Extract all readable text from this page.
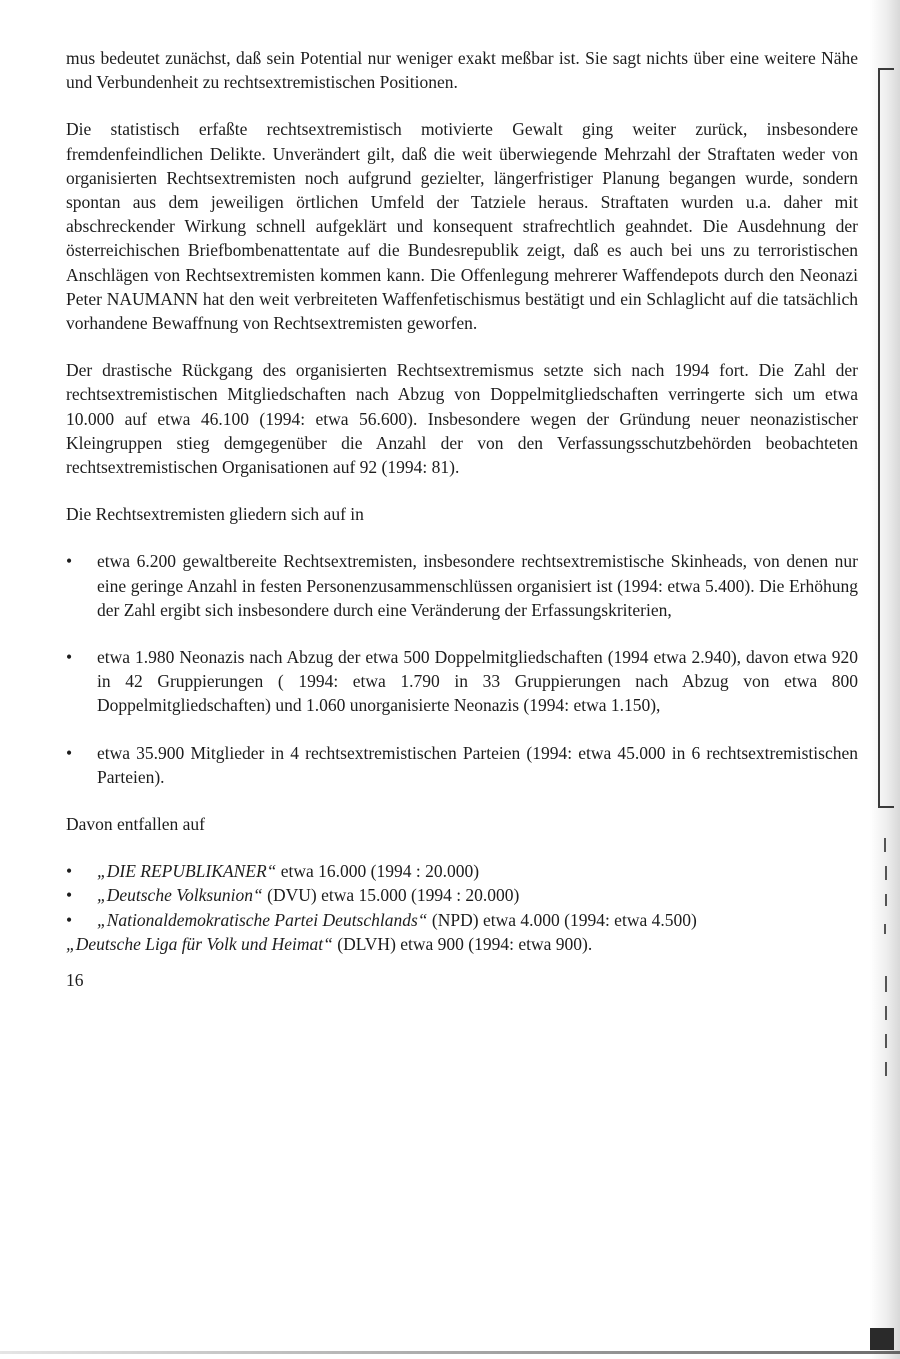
mus bedeutet zunächst, daß sein Potential nur weniger exakt meßbar ist. Sie sagt nichts über eine weitere Nähe und Verbundenheit zu rechtsextremistischen Positionen.

Die statistisch erfaßte rechtsextremistisch motivierte Gewalt ging weiter zurück, insbesondere fremdenfeindlichen Delikte. Unverändert gilt, daß die weit überwiegende Mehrzahl der Straftaten weder von organisierten Rechtsextremisten noch aufgrund gezielter, längerfristiger Planung begangen wurde, sondern spontan aus dem jeweiligen örtlichen Umfeld der Tatziele heraus. Straftaten wurden u.a. daher mit abschreckender Wirkung schnell aufgeklärt und konsequent strafrechtlich geahndet. Die Ausdehnung der österreichischen Briefbombenattentate auf die Bundesrepublik zeigt, daß es auch bei uns zu terroristischen Anschlägen von Rechtsextremisten kommen kann. Die Offenlegung mehrerer Waffendepots durch den Neonazi Peter NAUMANN hat den weit verbreiteten Waffenfetischismus bestätigt und ein Schlaglicht auf die tatsächlich vorhandene Bewaffnung von Rechtsextremisten geworfen.

Der drastische Rückgang des organisierten Rechtsextremismus setzte sich nach 1994 fort. Die Zahl der rechtsextremistischen Mitgliedschaften nach Abzug von Doppelmitgliedschaften verringerte sich um etwa 10.000 auf etwa 46.100 (1994: etwa 56.600). Insbesondere wegen der Gründung neuer neonazistischer Kleingruppen stieg demgegenüber die Anzahl der von den Verfassungsschutzbehörden beobachteten rechtsextremistischen Organisationen auf 92 (1994: 81).

Die Rechtsextremisten gliedern sich auf in

• etwa 6.200 gewaltbereite Rechtsextremisten, insbesondere rechtsextremistische Skinheads, von denen nur eine geringe Anzahl in festen Personenzusammenschlüssen organisiert ist (1994: etwa 5.400). Die Erhöhung der Zahl ergibt sich insbesondere durch eine Veränderung der Erfassungskriterien,
• etwa 1.980 Neonazis nach Abzug der etwa 500 Doppelmitgliedschaften (1994 etwa 2.940), davon etwa 920 in 42 Gruppierungen ( 1994: etwa 1.790 in 33 Gruppierungen nach Abzug von etwa 800 Doppelmitgliedschaften) und 1.060 unorganisierte Neonazis (1994: etwa 1.150),
• etwa 35.900 Mitglieder in 4 rechtsextremistischen Parteien (1994: etwa 45.000 in 6 rechtsextremistischen Parteien).

Davon entfallen auf

• „DIE REPUBLIKANER“ etwa 16.000 (1994 : 20.000)
• „Deutsche Volksunion“ (DVU) etwa 15.000 (1994 : 20.000)
• „Nationaldemokratische Partei Deutschlands“ (NPD) etwa 4.000 (1994: etwa 4.500)

„Deutsche Liga für Volk und Heimat“ (DLVH) etwa 900 (1994: etwa 900).

16
